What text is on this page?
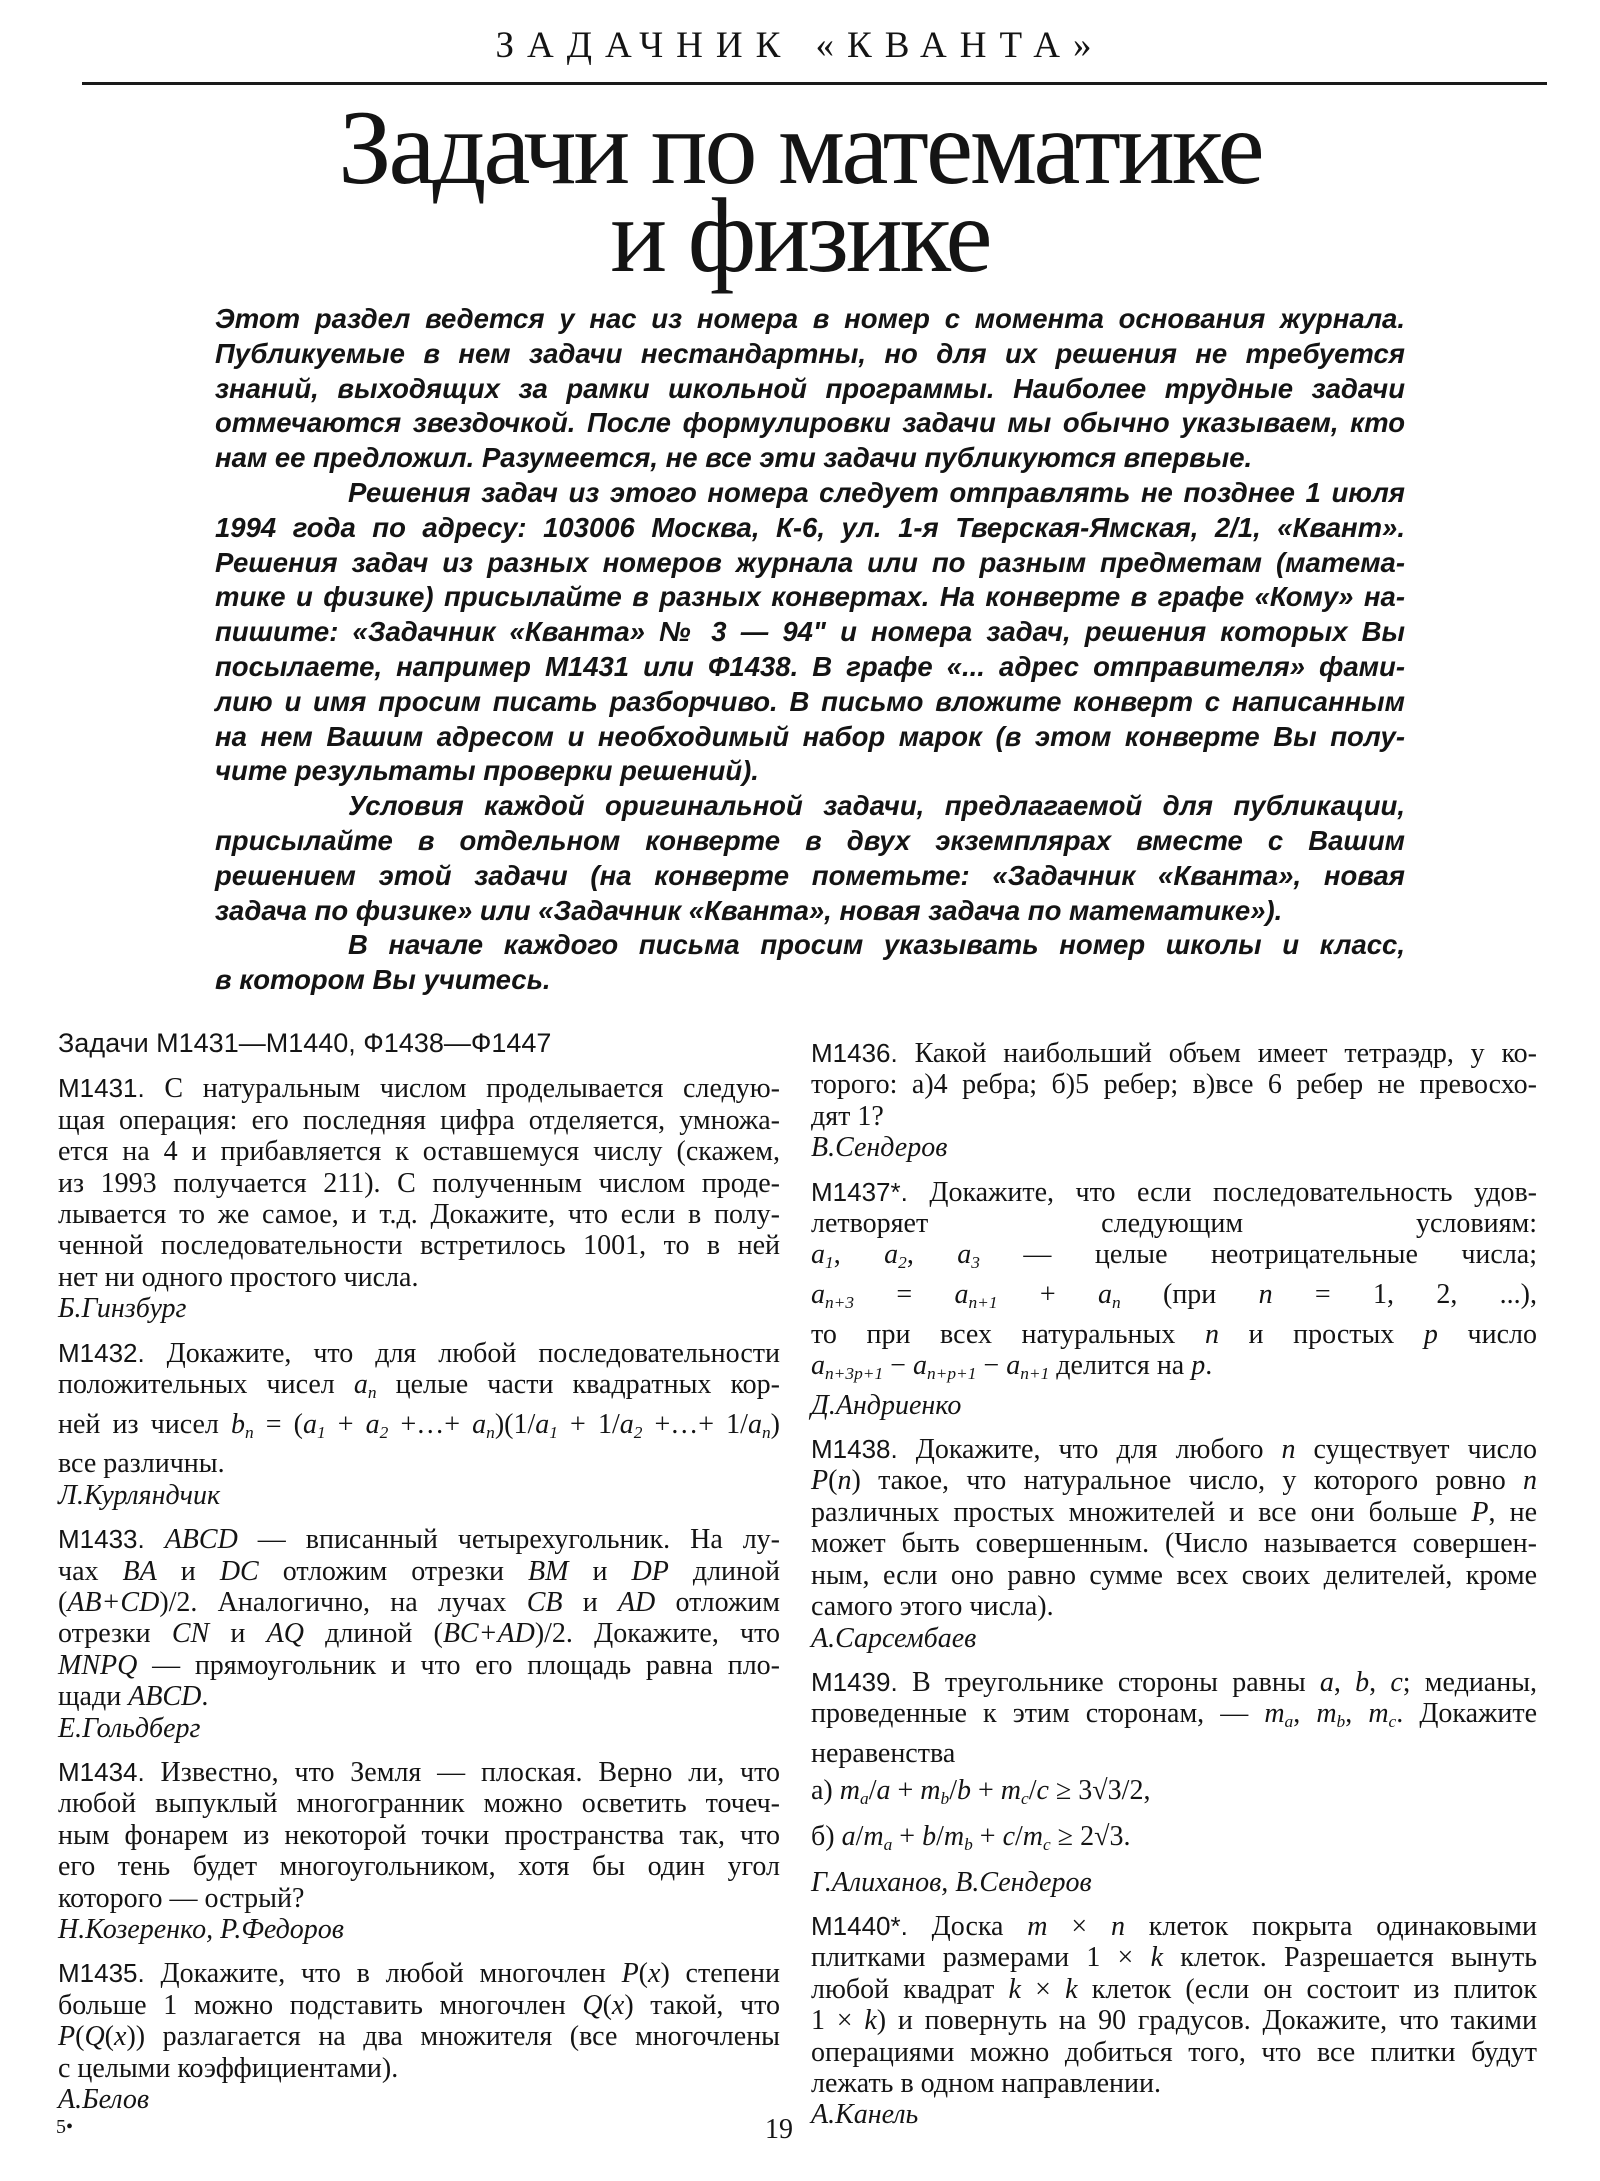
ЗАДАЧНИК «КВАНТА»
Задачи по математике
и физике
Этот раздел ведется у нас из номера в номер с момента основания журнала.
Публикуемые в нем задачи нестандартны, но для их решения не требуется
знаний, выходящих за рамки школьной программы. Наиболее трудные задачи
отмечаются звездочкой. После формулировки задачи мы обычно указываем, кто
нам ее предложил. Разумеется, не все эти задачи публикуются впервые.
Решения задач из этого номера следует отправлять не позднее 1 июля
1994 года по адресу: 103006 Москва, К-6, ул. 1-я Тверская-Ямская, 2/1, «Квант».
Решения задач из разных номеров журнала или по разным предметам (матема-
тике и физике) присылайте в разных конвертах. На конверте в графе «Кому» на-
пишите: «Задачник «Кванта» № 3 — 94" и номера задач, решения которых Вы
посылаете, например М1431 или Ф1438. В графе «... адрес отправителя» фами-
лию и имя просим писать разборчиво. В письмо вложите конверт с написанным
на нем Вашим адресом и необходимый набор марок (в этом конверте Вы полу-
чите результаты проверки решений).
Условия каждой оригинальной задачи, предлагаемой для публикации,
присылайте в отдельном конверте в двух экземплярах вместе с Вашим
решением этой задачи (на конверте пометьте: «Задачник «Кванта», новая
задача по физике» или «Задачник «Кванта», новая задача по математике»).
В начале каждого письма просим указывать номер школы и класс,
в котором Вы учитесь.
Задачи М1431—М1440, Ф1438—Ф1447
М1431. С натуральным числом проделывается следую-
щая операция: его последняя цифра отделяется, умножа-
ется на 4 и прибавляется к оставшемуся числу (скажем,
из 1993 получается 211). С полученным числом проде-
лывается то же самое, и т.д. Докажите, что если в полу-
ченной последовательности встретилось 1001, то в ней
нет ни одного простого числа.
Б.Гинзбург
М1432. Докажите, что для любой последовательности
положительных чисел $a_n$ целые части квадратных кор-
ней из чисел $b_n = (a_1 + a_2$ +…+ $a_n)(1/a_1 + 1/a_2$ +…+ $1/a_n$)
все различны.
Л.Курляндчик
М1433. ABCD — вписанный четырехугольник. На лу-
чах BA и DC отложим отрезки BM и DP длиной
(AB+CD)/2. Аналогично, на лучах CB и AD отложим
отрезки CN и AQ длиной (BC+AD)/2. Докажите, что
MNPQ — прямоугольник и что его площадь равна пло-
щади ABCD.
Е.Гольдберг
М1434. Известно, что Земля — плоская. Верно ли, что
любой выпуклый многогранник можно осветить точеч-
ным фонарем из некоторой точки пространства так, что
его тень будет многоугольником, хотя бы один угол
которого — острый?
Н.Козеренко, Р.Федоров
М1435. Докажите, что в любой многочлен P(x) степени
больше 1 можно подставить многочлен Q(x) такой, что
P(Q(x)) разлагается на два множителя (все многочлены
с целыми коэффициентами).
А.Белов
М1436. Какой наибольший объем имеет тетраэдр, у ко-
торого: а)4 ребра; б)5 ребер; в)все 6 ребер не превосхо-
дят 1?
В.Сендеров
М1437*. Докажите, что если последовательность удов-
летворяет следующим условиям:
$a_1$, $a_2$, $a_3$ — целые неотрицательные числа;
$a_{n+3} = a_{n+1} + a_n$ (при n = 1, 2, ...),
то при всех натуральных n и простых p число
$a_{n+3p+1} - a_{n+p+1} - a_{n+1}$ делится на p.
Д.Андриенко
М1438. Докажите, что для любого n существует число
P(n) такое, что натуральное число, у которого ровно n
различных простых множителей и все они больше P, не
может быть совершенным. (Число называется совершен-
ным, если оно равно сумме всех своих делителей, кроме
самого этого числа).
А.Сарсембаев
М1439. В треугольнике стороны равны a, b, c; медианы,
проведенные к этим сторонам, — $m_a$, $m_b$, $m_c$. Докажите
неравенства
а) $m_a/a + m_b/b + m_c/c \ge 3√3/2$,
б) $a/m_a + b/m_b + c/m_c \ge 2√3$.
Г.Алиханов, В.Сендеров
М1440*. Доска m × n клеток покрыта одинаковыми
плитками размерами 1 × k клеток. Разрешается вынуть
любой квадрат k × k клеток (если он состоит из плиток
1 × k) и повернуть на 90 градусов. Докажите, что такими
операциями можно добиться того, что все плитки будут
лежать в одном направлении.
А.Канель
5•	19
